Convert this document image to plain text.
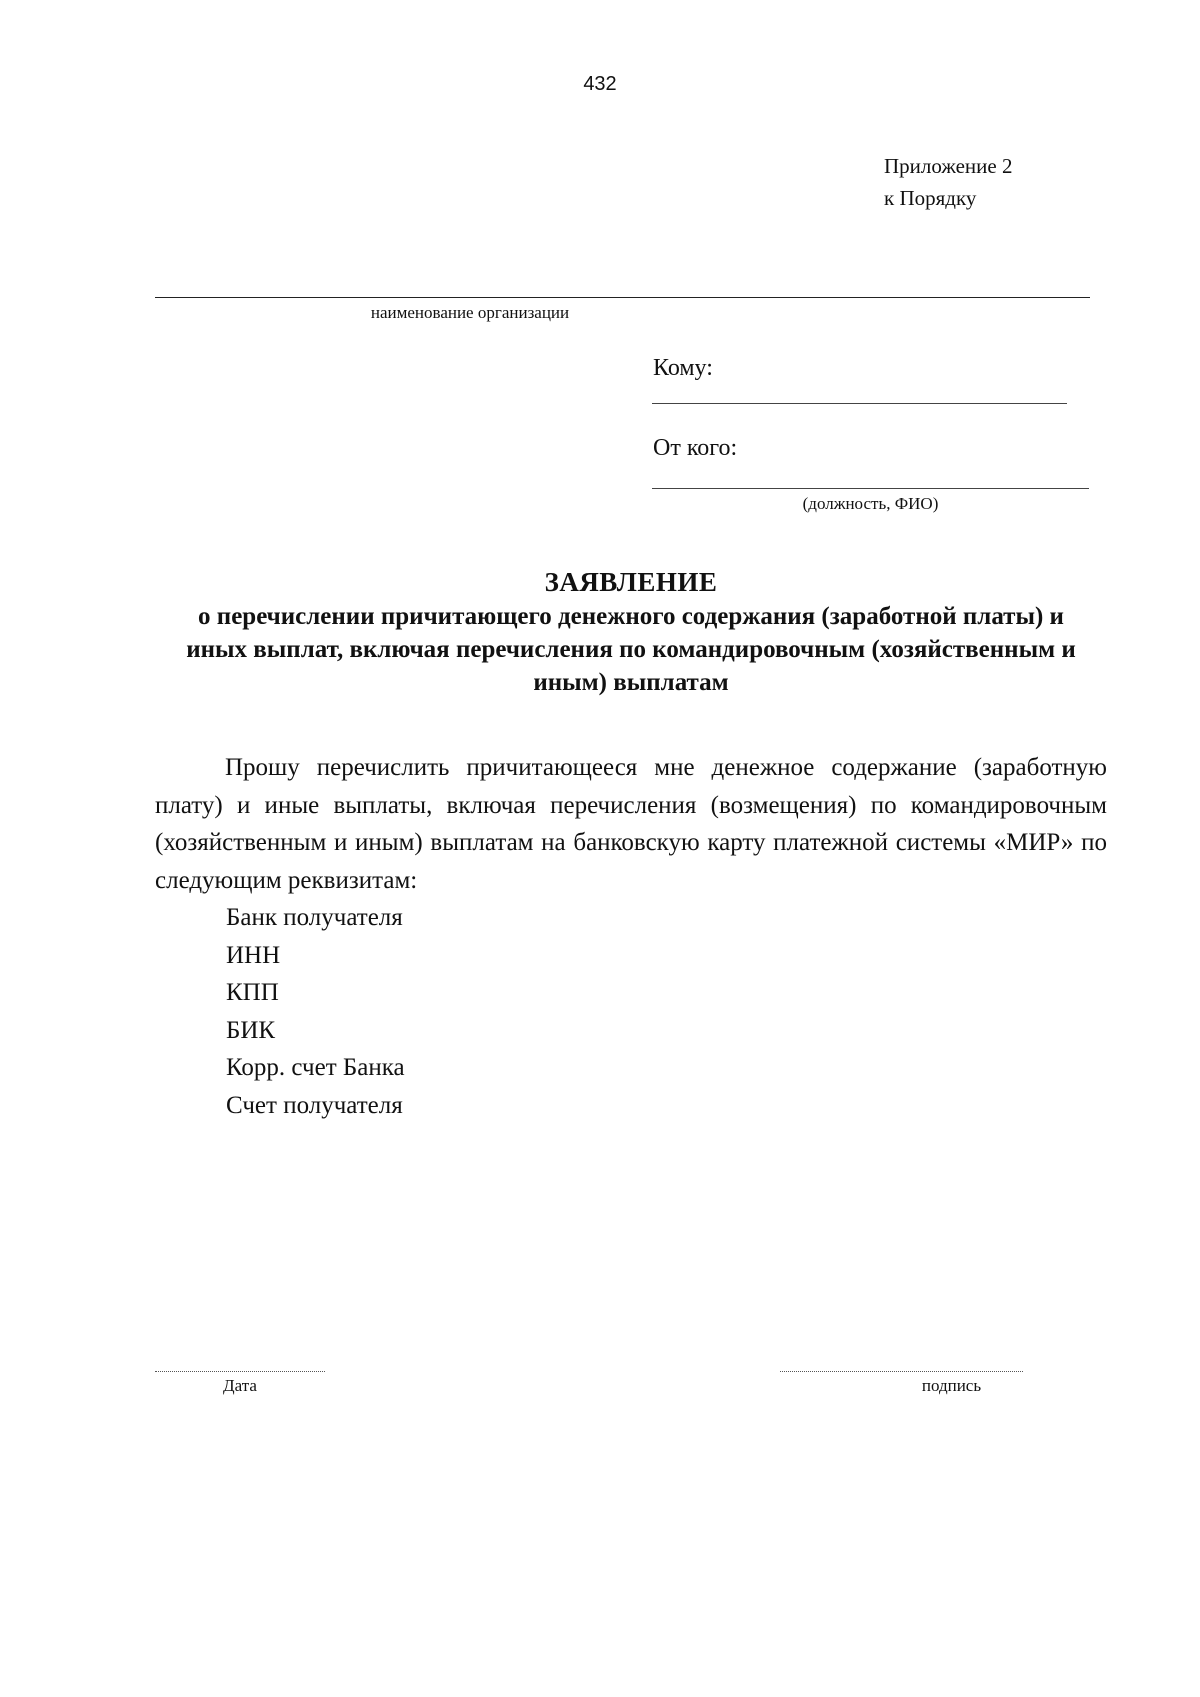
432
Приложение 2
к Порядку
наименование организации
Кому:
От кого:
(должность, ФИО)
ЗАЯВЛЕНИЕ
о перечислении причитающего денежного содержания (заработной платы) и иных выплат, включая перечисления по командировочным (хозяйственным и иным) выплатам

Прошу перечислить причитающееся мне денежное содержание (заработную плату) и иные выплаты, включая перечисления (возмещения) по командировочным (хозяйственным и иным) выплатам на банковскую карту платежной системы «МИР» по следующим реквизитам:

Банк получателя
ИНН
КПП
БИК
Корр. счет Банка
Счет получателя
Дата	подпись
